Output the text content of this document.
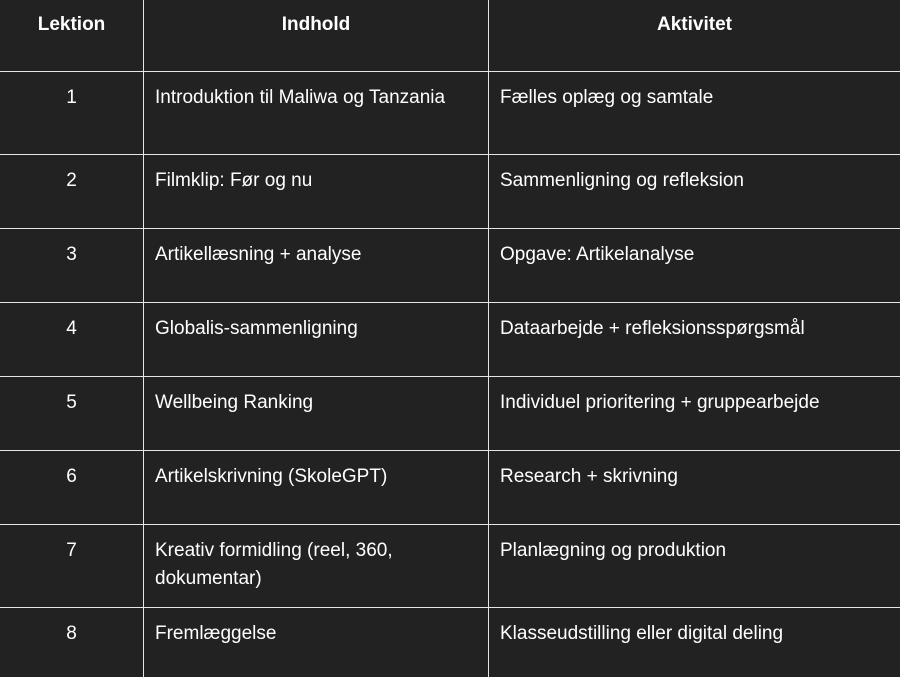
Lektion	Indhold	Aktivitet
1	Introduktion til Maliwa og Tanzania	Fælles oplæg og samtale
2	Filmklip: Før og nu	Sammenligning og refleksion
3	Artikellæsning + analyse	Opgave: Artikelanalyse
4	Globalis-sammenligning	Dataarbejde + refleksionsspørgsmål
5	Wellbeing Ranking	Individuel prioritering + gruppearbejde
6	Artikelskrivning (SkoleGPT)	Research + skrivning
7	Kreativ formidling (reel, 360, dokumentar)	Planlægning og produktion
8	Fremlæggelse	Klasseudstilling eller digital deling
